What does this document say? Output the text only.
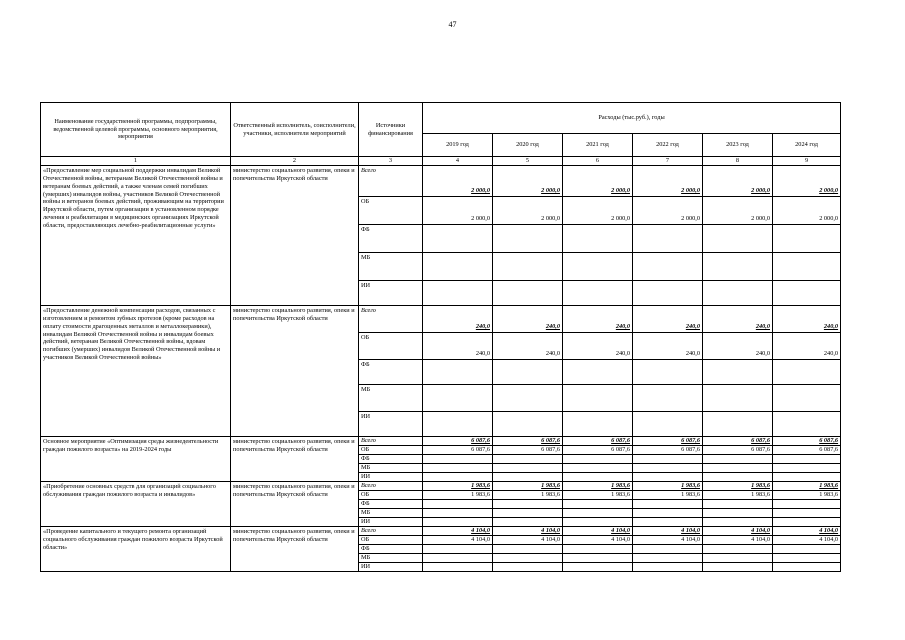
47
Наименование государственной программы, подпрограммы, ведомственной целевой программы, основного мероприятия, мероприятия	Ответственный исполнитель, соисполнители, участники, исполнители мероприятий	Источники финансирования	Расходы (тыс.руб.), годы					
			2019 год	2020 год	2021 год	2022 год	2023 год	2024 год
1	2	3	4	5	6	7	8	9
«Предоставление мер социальной поддержки инвалидам Великой Отечественной войны, ветеранам Великой Отечественной войны и ветеранам боевых действий, а также членам семей погибших (умерших) инвалидов войны, участников Великой Отечественной войны и ветеранов боевых действий, проживающим на территории Иркутской области, путем организации в установленном порядке лечения и реабилитации в медицинских организациях Иркутской области, предоставляющих лечебно-реабилитационные услуги»	министерство социального развития, опеки и попечительства Иркутской области	Всего	2 000,0	2 000,0	2 000,0	2 000,0	2 000,0	2 000,0
		ОБ	2 000,0	2 000,0	2 000,0	2 000,0	2 000,0	2 000,0
		ФБ						
		МБ						
		ИИ						
«Предоставление денежной компенсации расходов, связанных с изготовлением и ремонтом зубных протезов (кроме расходов на оплату стоимости драгоценных металлов и металлокерамики), инвалидам Великой Отечественной войны и инвалидам боевых действий, ветеранам Великой Отечественной войны, вдовам погибших (умерших) инвалидов Великой Отечественной войны и участников Великой Отечественной войны»	министерство социального развития, опеки и попечительства Иркутской области	Всего	240,0	240,0	240,0	240,0	240,0	240,0
		ОБ	240,0	240,0	240,0	240,0	240,0	240,0
		ФБ						
		МБ						
		ИИ						
Основное мероприятие «Оптимизация среды жизнедеятельности граждан пожилого возраста» на 2019-2024 годы	министерство социального развития, опеки и попечительства Иркутской области	Всего	6 087,6	6 087,6	6 087,6	6 087,6	6 087,6	6 087,6
		ОБ	6 087,6	6 087,6	6 087,6	6 087,6	6 087,6	6 087,6
		ФБ						
		МБ						
		ИИ						
«Приобретение основных средств для организаций социального обслуживания граждан пожилого возраста и инвалидов»	министерство социального развития, опеки и попечительства Иркутской области	Всего	1 983,6	1 983,6	1 983,6	1 983,6	1 983,6	1 983,6
		ОБ	1 983,6	1 983,6	1 983,6	1 983,6	1 983,6	1 983,6
		ФБ						
		МБ						
		ИИ						
«Проведение капитального и текущего ремонта организаций социального обслуживания граждан пожилого возраста Иркутской области»	министерство социального развития, опеки и попечительства Иркутской области	Всего	4 104,0	4 104,0	4 104,0	4 104,0	4 104,0	4 104,0
		ОБ	4 104,0	4 104,0	4 104,0	4 104,0	4 104,0	4 104,0
		ФБ						
		МБ						
		ИИ						
